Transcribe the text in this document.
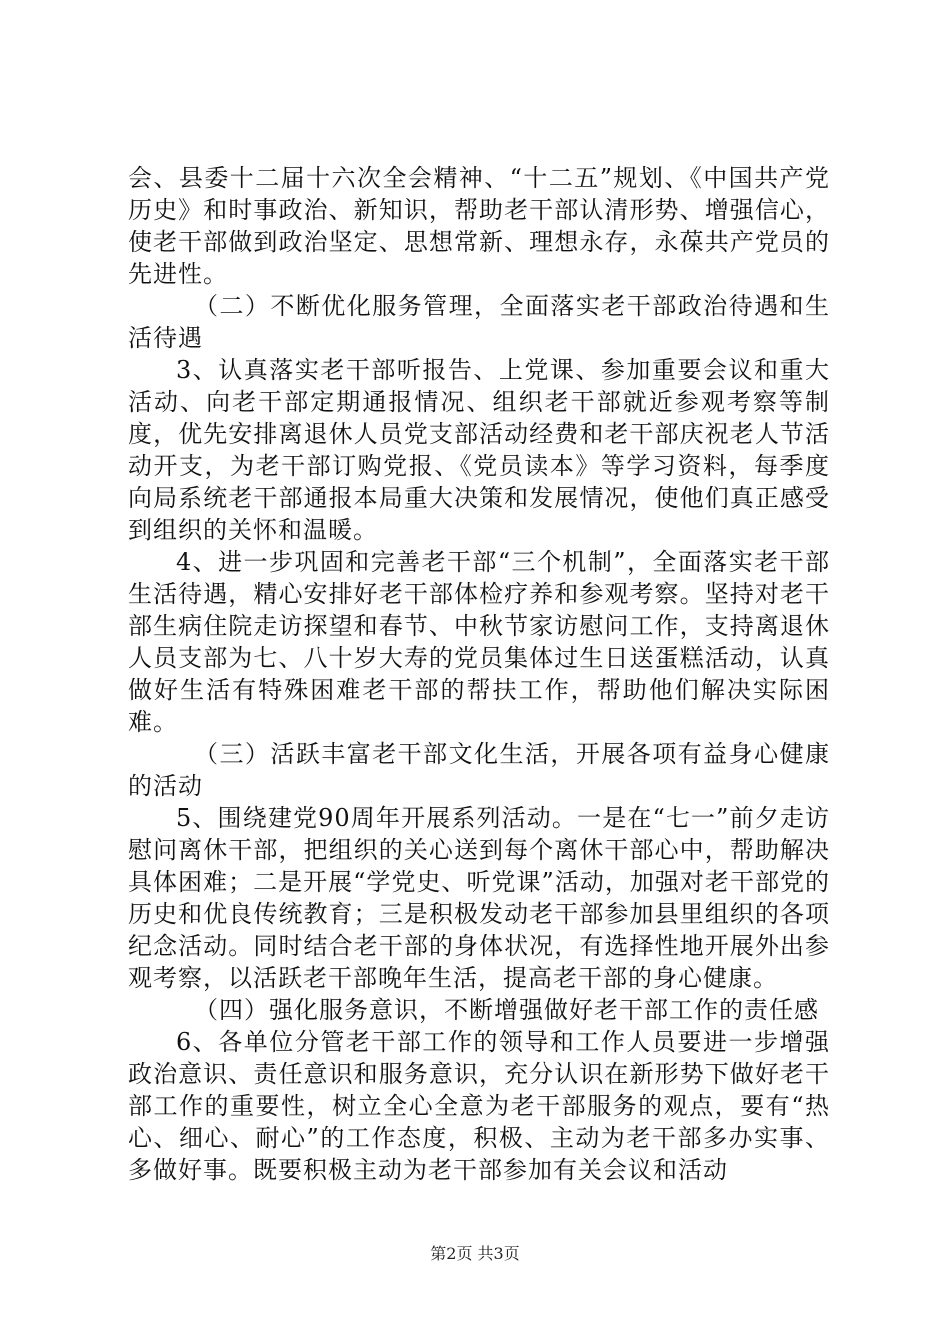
会、县委十二届十六次全会精神、“十二五”规划、《中国共产党历史》和时事政治、新知识，帮助老干部认清形势、增强信心，使老干部做到政治坚定、思想常新、理想永存，永葆共产党员的先进性。

（二）不断优化服务管理，全面落实老干部政治待遇和生活待遇

3、认真落实老干部听报告、上党课、参加重要会议和重大活动、向老干部定期通报情况、组织老干部就近参观考察等制度，优先安排离退休人员党支部活动经费和老干部庆祝老人节活动开支，为老干部订购党报、《党员读本》等学习资料，每季度向局系统老干部通报本局重大决策和发展情况，使他们真正感受到组织的关怀和温暖。

4、进一步巩固和完善老干部“三个机制”，全面落实老干部生活待遇，精心安排好老干部体检疗养和参观考察。坚持对老干部生病住院走访探望和春节、中秋节家访慰问工作，支持离退休人员支部为七、八十岁大寿的党员集体过生日送蛋糕活动，认真做好生活有特殊困难老干部的帮扶工作，帮助他们解决实际困难。

（三）活跃丰富老干部文化生活，开展各项有益身心健康的活动

5、围绕建党90周年开展系列活动。一是在“七一”前夕走访慰问离休干部，把组织的关心送到每个离休干部心中，帮助解决具体困难；二是开展“学党史、听党课”活动，加强对老干部党的历史和优良传统教育；三是积极发动老干部参加县里组织的各项纪念活动。同时结合老干部的身体状况，有选择性地开展外出参观考察，以活跃老干部晚年生活，提高老干部的身心健康。

（四）强化服务意识，不断增强做好老干部工作的责任感

6、各单位分管老干部工作的领导和工作人员要进一步增强政治意识、责任意识和服务意识，充分认识在新形势下做好老干部工作的重要性，树立全心全意为老干部服务的观点，要有“热心、细心、耐心”的工作态度，积极、主动为老干部多办实事、多做好事。既要积极主动为老干部参加有关会议和活动

第2页 共3页
